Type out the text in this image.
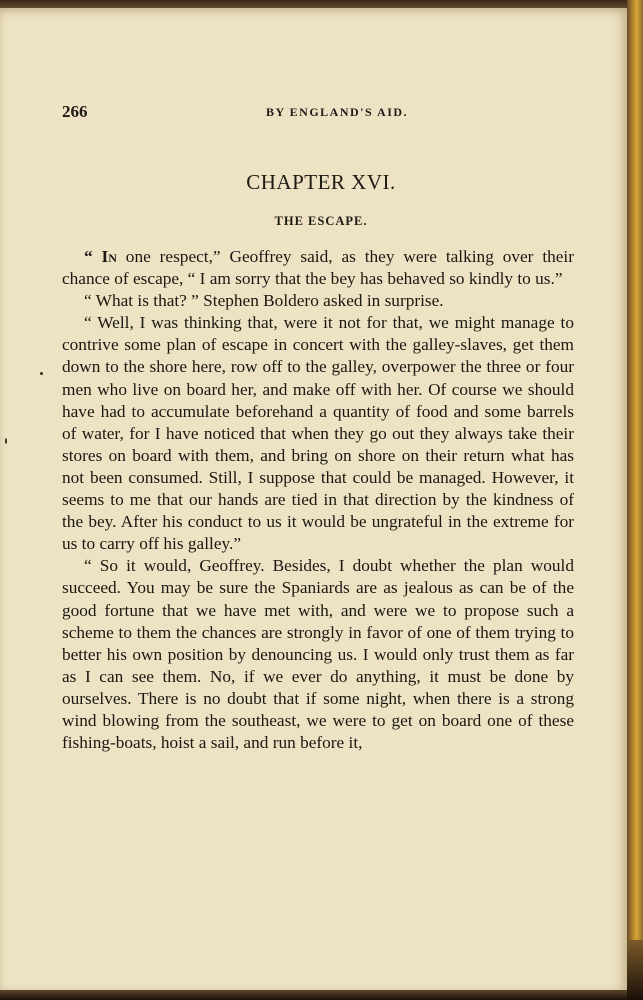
266	BY ENGLAND'S AID.
CHAPTER XVI.
THE ESCAPE.

“ In one respect,” Geoffrey said, as they were talking over their chance of escape, “ I am sorry that the bey has behaved so kindly to us.”

“ What is that? ” Stephen Boldero asked in surprise.

“ Well, I was thinking that, were it not for that, we might manage to contrive some plan of escape in concert with the galley-slaves, get them down to the shore here, row off to the galley, overpower the three or four men who live on board her, and make off with her. Of course we should have had to accumulate beforehand a quantity of food and some barrels of water, for I have noticed that when they go out they always take their stores on board with them, and bring on shore on their return what has not been consumed. Still, I suppose that could be managed. However, it seems to me that our hands are tied in that direction by the kindness of the bey. After his conduct to us it would be ungrateful in the extreme for us to carry off his galley.”

“ So it would, Geoffrey. Besides, I doubt whether the plan would succeed. You may be sure the Spaniards are as jealous as can be of the good fortune that we have met with, and were we to propose such a scheme to them the chances are strongly in favor of one of them trying to better his own position by denouncing us. I would only trust them as far as I can see them. No, if we ever do anything, it must be done by ourselves. There is no doubt that if some night, when there is a strong wind blowing from the southeast, we were to get on board one of these fishing-boats, hoist a sail, and run before it,
